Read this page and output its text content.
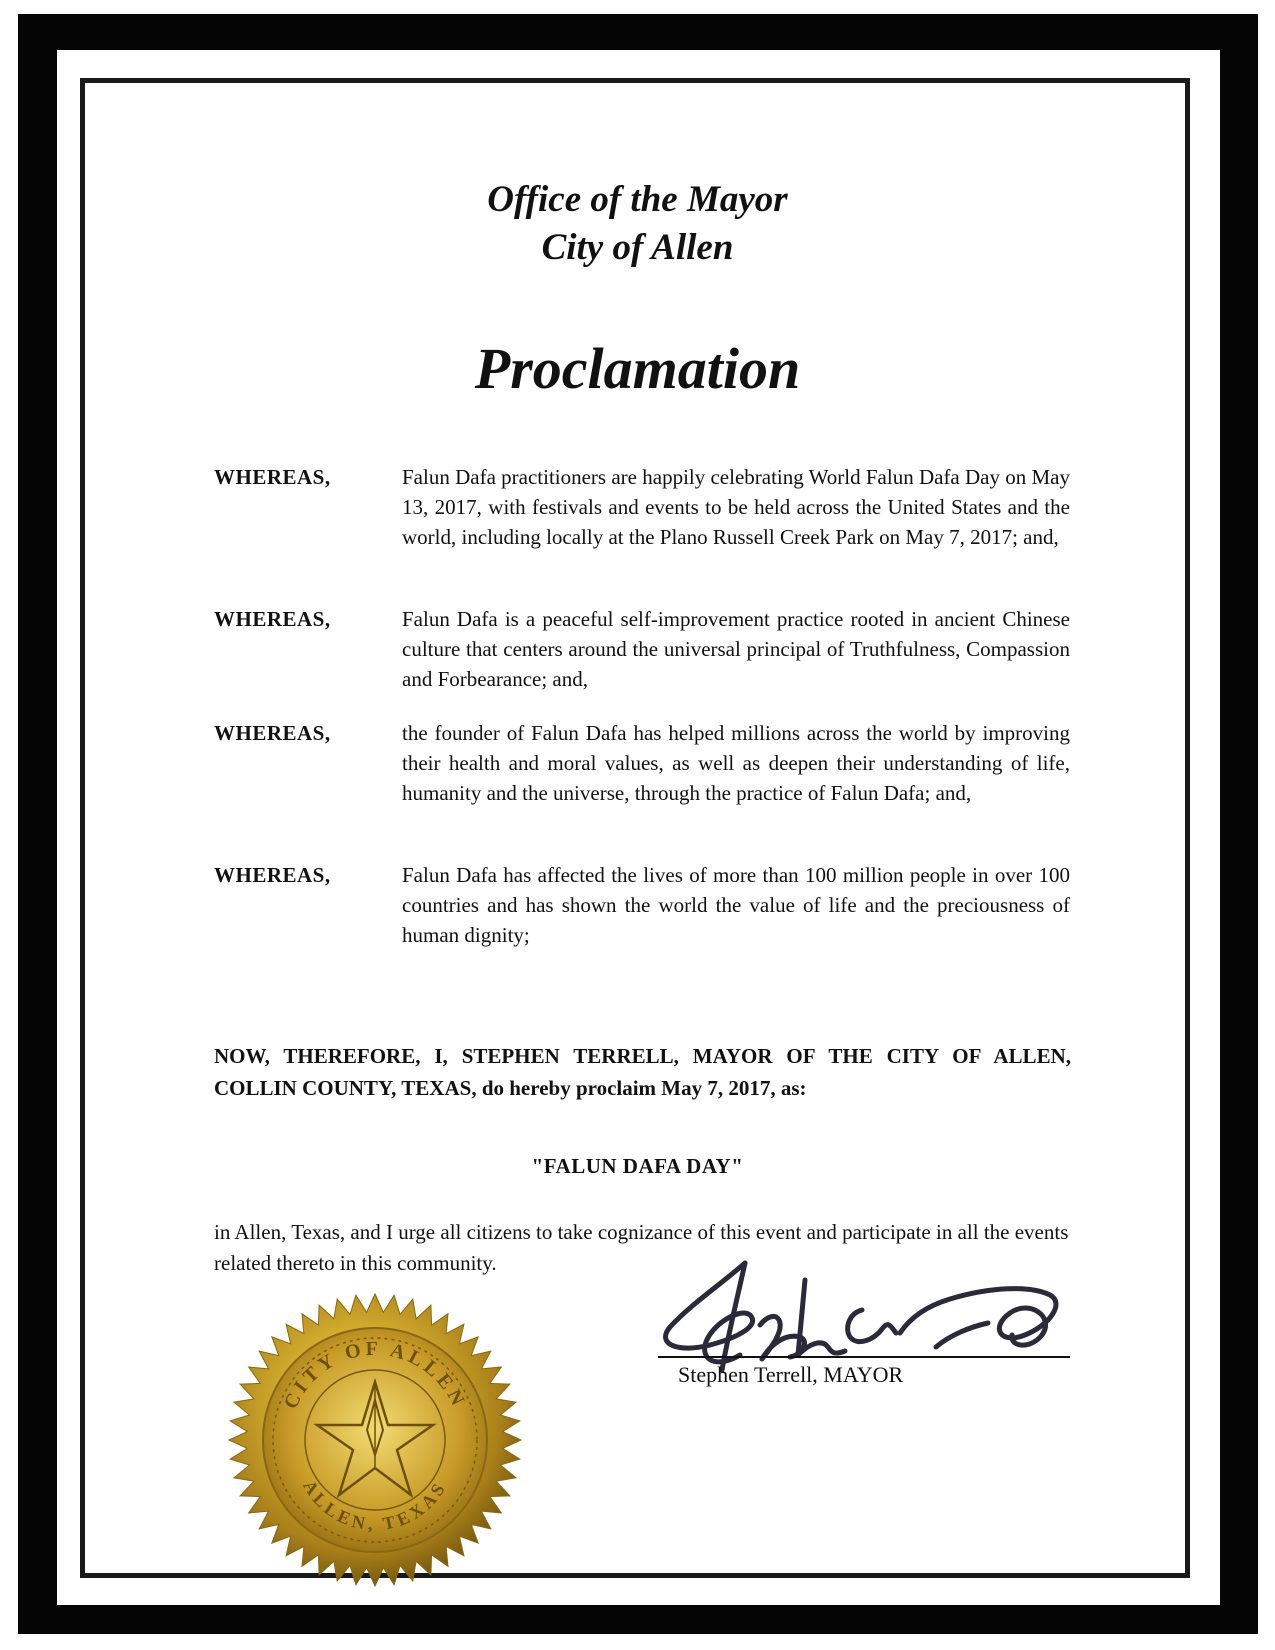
Office of the Mayor
City of Allen
Proclamation
WHEREAS,	Falun Dafa practitioners are happily celebrating World Falun Dafa Day on May 13, 2017, with festivals and events to be held across the United States and the world, including locally at the Plano Russell Creek Park on May 7, 2017; and,
WHEREAS,	Falun Dafa is a peaceful self-improvement practice rooted in ancient Chinese culture that centers around the universal principal of Truthfulness, Compassion and Forbearance; and,
WHEREAS,	the founder of Falun Dafa has helped millions across the world by improving their health and moral values, as well as deepen their understanding of life, humanity and the universe, through the practice of Falun Dafa; and,
WHEREAS,	Falun Dafa has affected the lives of more than 100 million people in over 100 countries and has shown the world the value of life and the preciousness of human dignity;
NOW, THEREFORE, I, STEPHEN TERRELL, MAYOR OF THE CITY OF ALLEN, COLLIN COUNTY, TEXAS, do hereby proclaim May 7, 2017, as:
"FALUN DAFA DAY"
in Allen, Texas, and I urge all citizens to take cognizance of this event and participate in all the events related thereto in this community.
Stephen Terrell, MAYOR
CITY OF ALLEN
ALLEN, TEXAS
